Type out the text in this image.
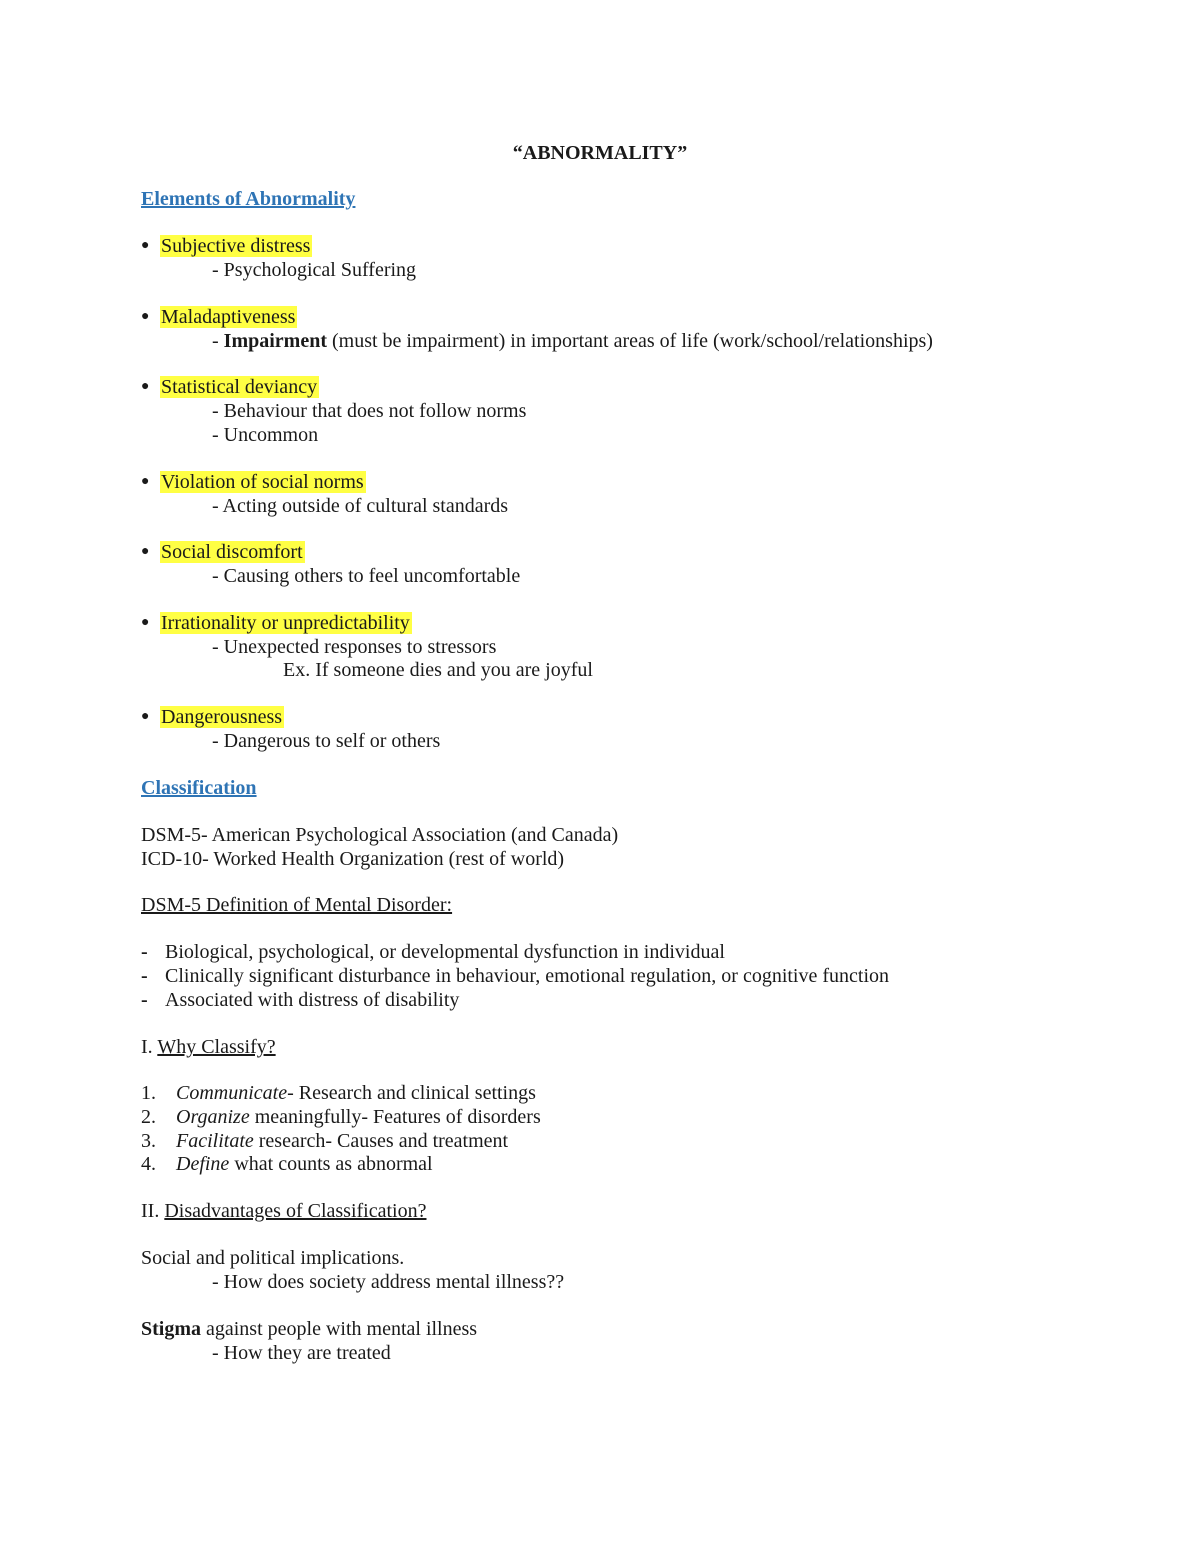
“ABNORMALITY”
Elements of Abnormality
● Subjective distress
- Psychological Suffering
● Maladaptiveness
- Impairment (must be impairment) in important areas of life (work/school/relationships)
● Statistical deviancy
- Behaviour that does not follow norms
- Uncommon
● Violation of social norms
- Acting outside of cultural standards
● Social discomfort
- Causing others to feel uncomfortable
● Irrationality or unpredictability
- Unexpected responses to stressors
Ex. If someone dies and you are joyful
● Dangerousness
- Dangerous to self or others
Classification
DSM-5- American Psychological Association (and Canada)
ICD-10- Worked Health Organization (rest of world)
DSM-5 Definition of Mental Disorder:
- Biological, psychological, or developmental dysfunction in individual
- Clinically significant disturbance in behaviour, emotional regulation, or cognitive function
- Associated with distress of disability
I. Why Classify?
1. Communicate- Research and clinical settings
2. Organize meaningfully- Features of disorders
3. Facilitate research- Causes and treatment
4. Define what counts as abnormal
II. Disadvantages of Classification?
Social and political implications.
- How does society address mental illness??
Stigma against people with mental illness
- How they are treated
